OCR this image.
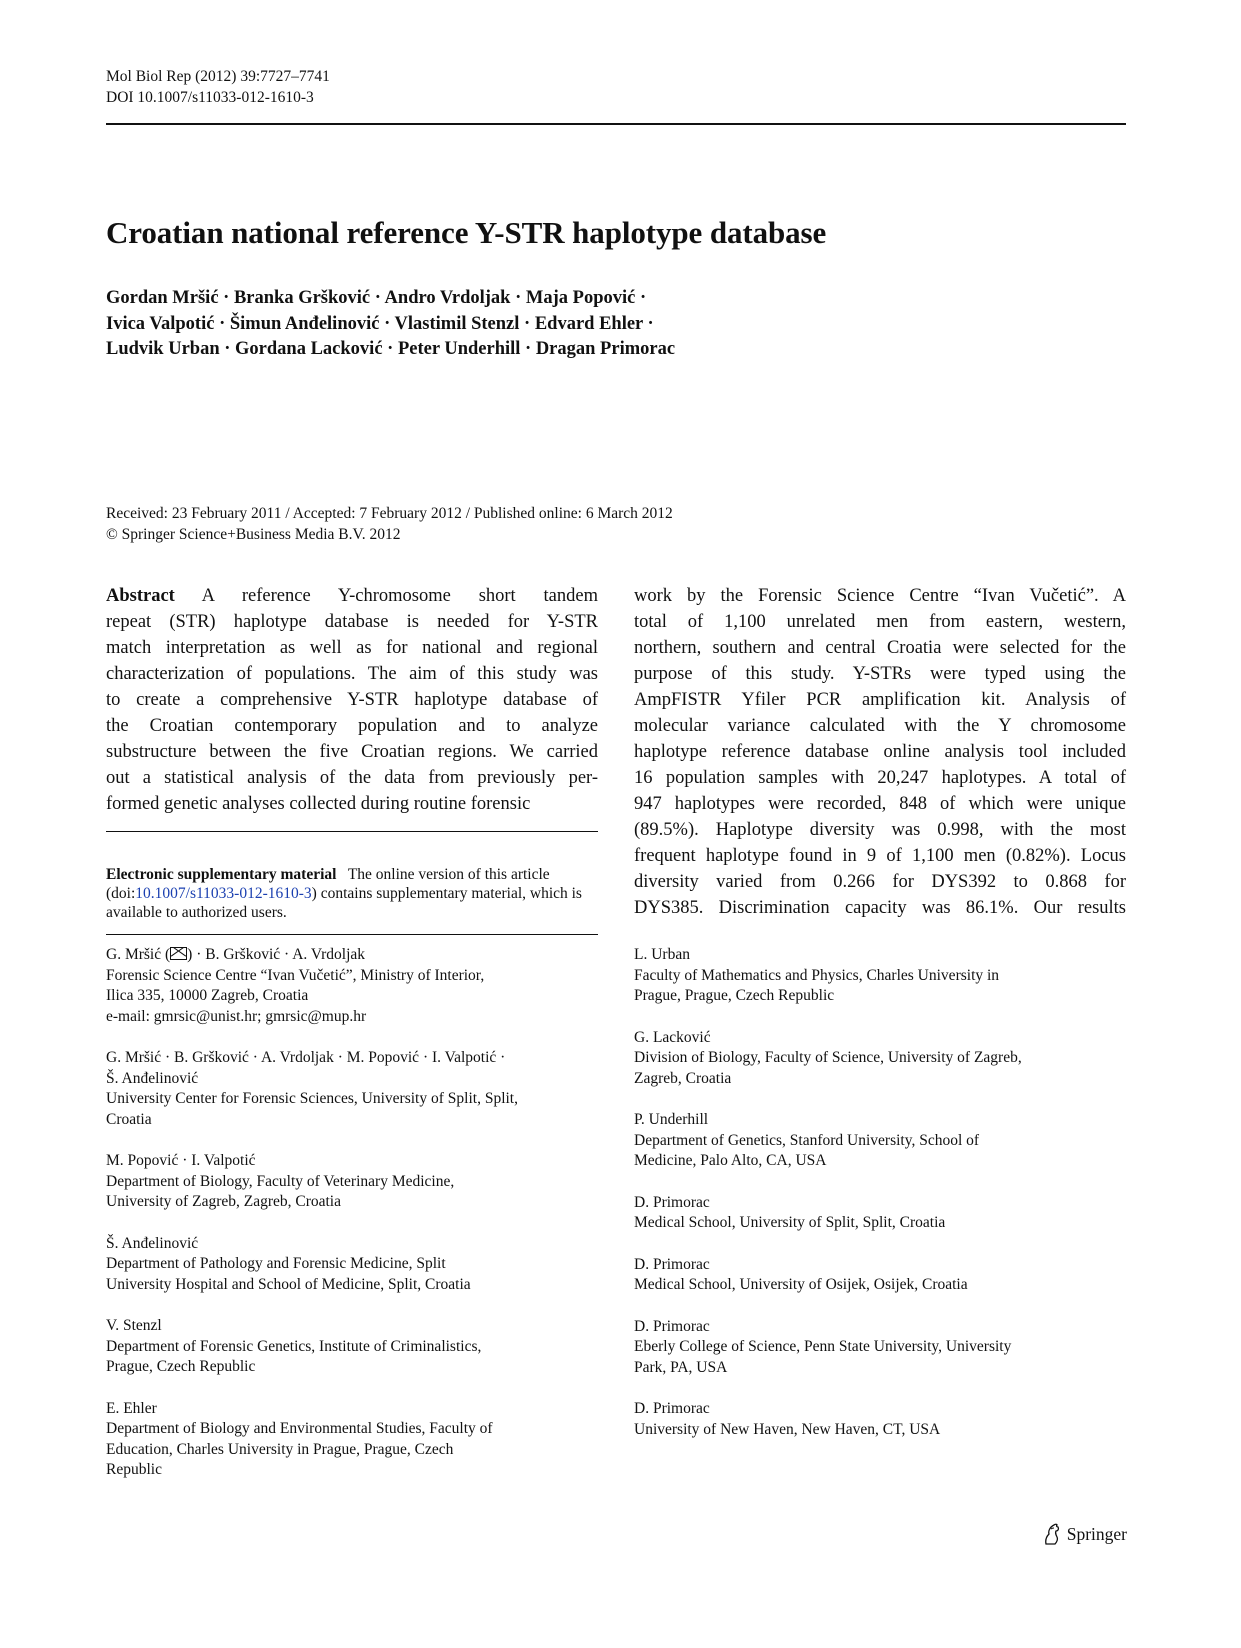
Mol Biol Rep (2012) 39:7727–7741
DOI 10.1007/s11033-012-1610-3
Croatian national reference Y-STR haplotype database
Gordan Mršić · Branka Gršković · Andro Vrdoljak · Maja Popović ·
Ivica Valpotić · Šimun Anđelinović · Vlastimil Stenzl · Edvard Ehler ·
Ludvik Urban · Gordana Lacković · Peter Underhill · Dragan Primorac
Received: 23 February 2011 / Accepted: 7 February 2012 / Published online: 6 March 2012
© Springer Science+Business Media B.V. 2012
Abstract A reference Y-chromosome short tandem
repeat (STR) haplotype database is needed for Y-STR
match interpretation as well as for national and regional
characterization of populations. The aim of this study was
to create a comprehensive Y-STR haplotype database of
the Croatian contemporary population and to analyze
substructure between the five Croatian regions. We carried
out a statistical analysis of the data from previously per-
formed genetic analyses collected during routine forensic
work by the Forensic Science Centre “Ivan Vučetić”. A
total of 1,100 unrelated men from eastern, western,
northern, southern and central Croatia were selected for the
purpose of this study. Y-STRs were typed using the
AmpFISTR Yfiler PCR amplification kit. Analysis of
molecular variance calculated with the Y chromosome
haplotype reference database online analysis tool included
16 population samples with 20,247 haplotypes. A total of
947 haplotypes were recorded, 848 of which were unique
(89.5%). Haplotype diversity was 0.998, with the most
frequent haplotype found in 9 of 1,100 men (0.82%). Locus
diversity varied from 0.266 for DYS392 to 0.868 for
DYS385. Discrimination capacity was 86.1%. Our results
Electronic supplementary material The online version of this article (doi:10.1007/s11033-012-1610-3) contains supplementary material, which is available to authorized users.
G. Mršić ( ) · B. Gršković · A. Vrdoljak
Forensic Science Centre “Ivan Vučetić”, Ministry of Interior,
Ilica 335, 10000 Zagreb, Croatia
e-mail: gmrsic@unist.hr; gmrsic@mup.hr
G. Mršić · B. Gršković · A. Vrdoljak · M. Popović · I. Valpotić ·
Š. Anđelinović
University Center for Forensic Sciences, University of Split, Split,
Croatia
M. Popović · I. Valpotić
Department of Biology, Faculty of Veterinary Medicine,
University of Zagreb, Zagreb, Croatia
Š. Anđelinović
Department of Pathology and Forensic Medicine, Split
University Hospital and School of Medicine, Split, Croatia
V. Stenzl
Department of Forensic Genetics, Institute of Criminalistics,
Prague, Czech Republic
E. Ehler
Department of Biology and Environmental Studies, Faculty of
Education, Charles University in Prague, Prague, Czech
Republic
L. Urban
Faculty of Mathematics and Physics, Charles University in
Prague, Prague, Czech Republic
G. Lacković
Division of Biology, Faculty of Science, University of Zagreb,
Zagreb, Croatia
P. Underhill
Department of Genetics, Stanford University, School of
Medicine, Palo Alto, CA, USA
D. Primorac
Medical School, University of Split, Split, Croatia
D. Primorac
Medical School, University of Osijek, Osijek, Croatia
D. Primorac
Eberly College of Science, Penn State University, University
Park, PA, USA
D. Primorac
University of New Haven, New Haven, CT, USA
Springer
